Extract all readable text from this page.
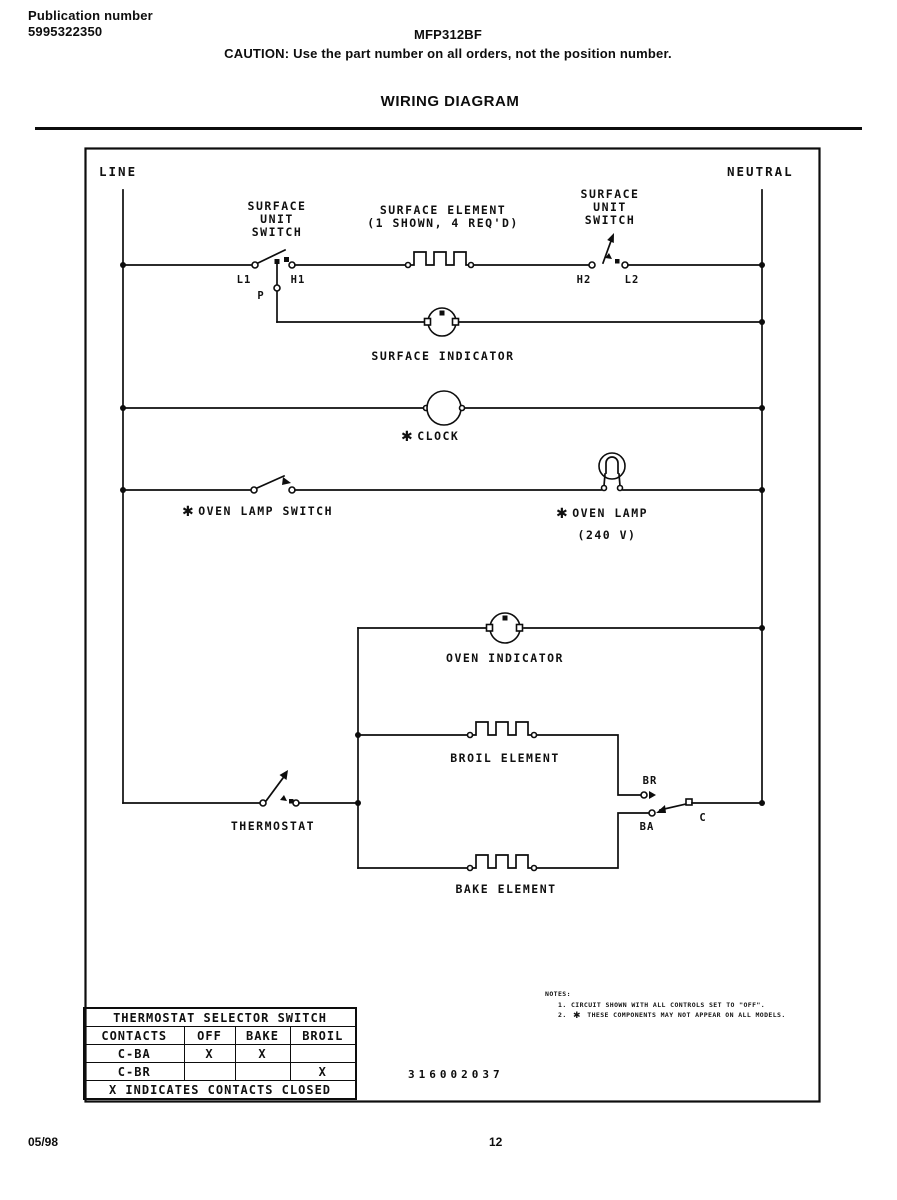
Publication number
5995322350	MFP312BF
CAUTION: Use the part number on all orders, not the position number.
WIRING DIAGRAM
LINE	NEUTRAL
SURFACE
UNIT
SWITCH
SURFACE ELEMENT
(1 SHOWN, 4 REQ'D)
SURFACE
UNIT
SWITCH
L1	H1
P
H2	L2
SURFACE INDICATOR
✱ CLOCK
✱ OVEN LAMP SWITCH	✱ OVEN LAMP
(240 V)
OVEN INDICATOR
BROIL ELEMENT
BR
THERMOSTAT	BA
C
BAKE ELEMENT
NOTES:
1. CIRCUIT SHOWN WITH ALL CONTROLS SET TO "OFF".
2. ✱ THESE COMPONENTS MAY NOT APPEAR ON ALL MODELS.
316002037
THERMOSTAT SELECTOR SWITCH			
CONTACTS	OFF	BAKE	BROIL
C-BA	X	X	
C-BR			X
X INDICATES CONTACTS CLOSED			
05/98	12
